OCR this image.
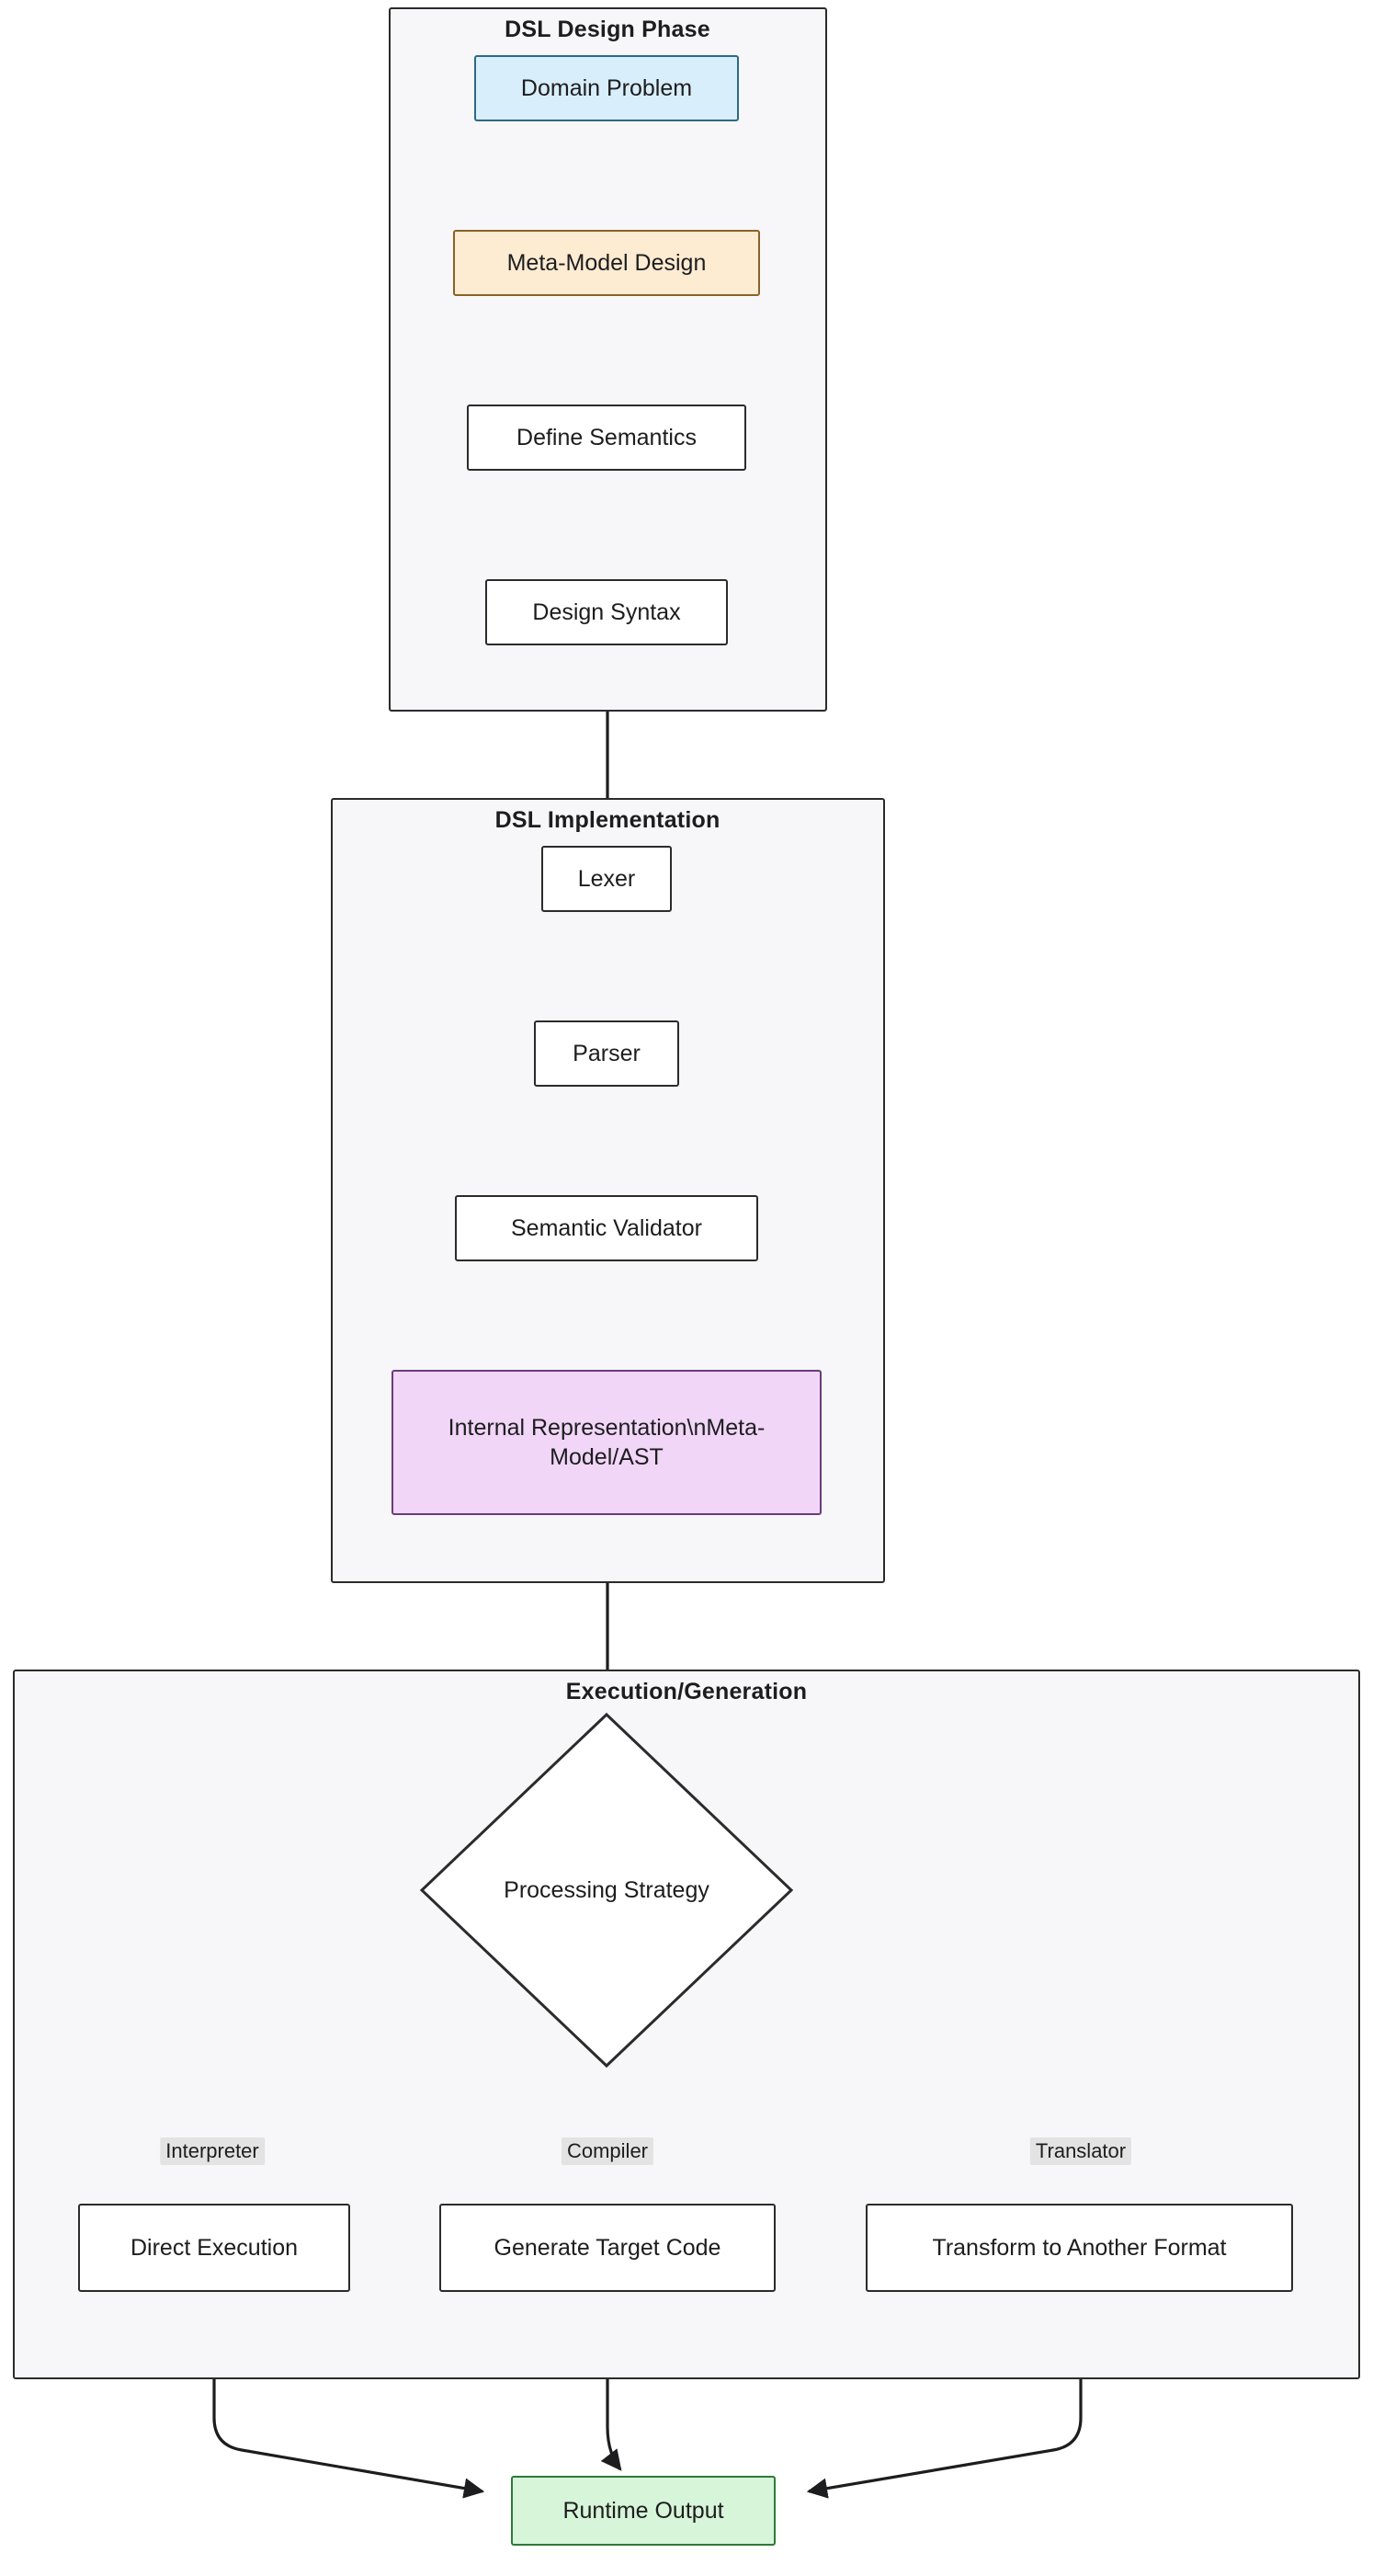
DSL Design Phase
DSL Implementation
Execution/Generation
Domain Problem
Meta-Model Design
Define Semantics
Design Syntax
Lexer
Parser
Semantic Validator
Internal Representation\nMeta-Model/AST
Direct Execution	Generate Target Code	Transform to Another Format
Runtime Output
Processing Strategy
Interpreter	Compiler	Translator
